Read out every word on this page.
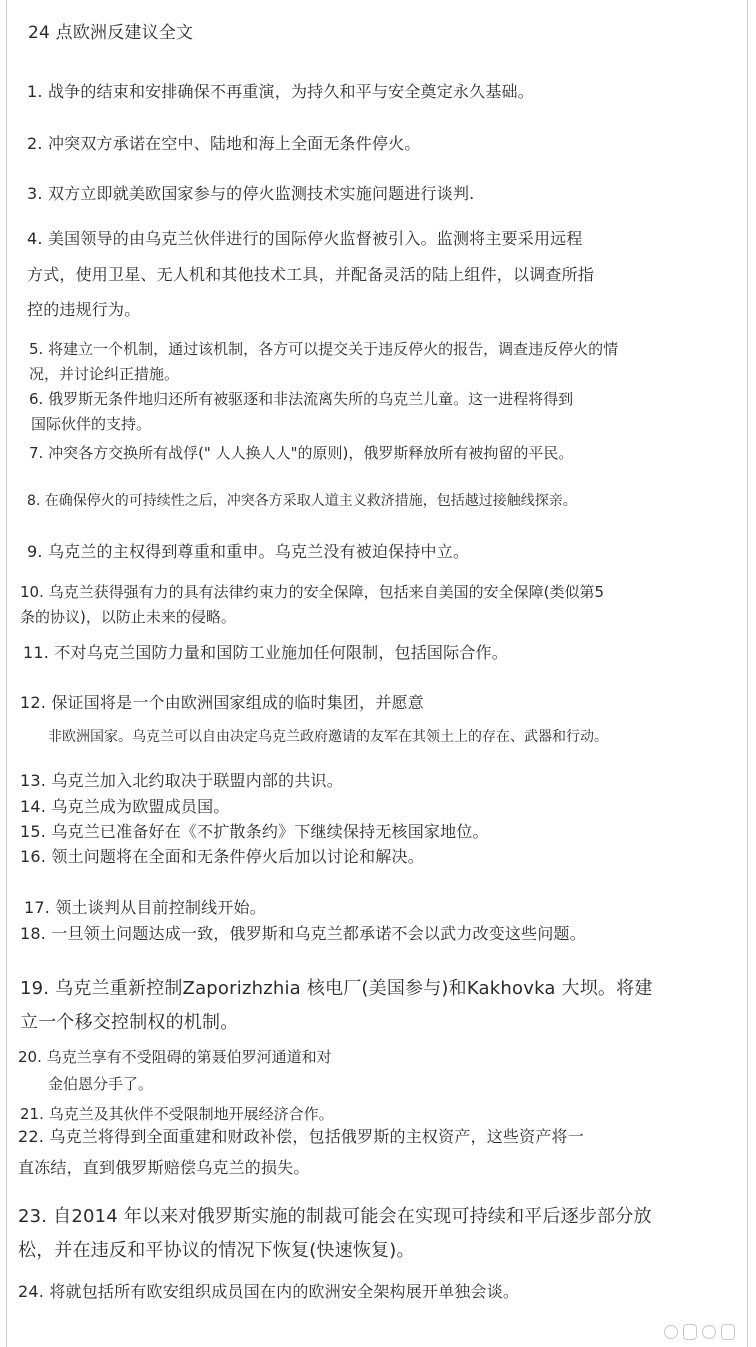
24 点欧洲反建议全文
1. 战争的结束和安排确保不再重演，为持久和平与安全奠定永久基础。
2. 冲突双方承诺在空中、陆地和海上全面无条件停火。
3. 双方立即就美欧国家参与的停火监测技术实施问题进行谈判.
4. 美国领导的由乌克兰伙伴进行的国际停火监督被引入。监测将主要采用远程
方式，使用卫星、无人机和其他技术工具，并配备灵活的陆上组件，以调查所指
控的违规行为。
5. 将建立一个机制，通过该机制，各方可以提交关于违反停火的报告，调查违反停火的情
况，并讨论纠正措施。
6. 俄罗斯无条件地归还所有被驱逐和非法流离失所的乌克兰儿童。这一进程将得到
国际伙伴的支持。
7. 冲突各方交换所有战俘(" 人人换人人"的原则)，俄罗斯释放所有被拘留的平民。
8. 在确保停火的可持续性之后，冲突各方采取人道主义救济措施，包括越过接触线探亲。
9. 乌克兰的主权得到尊重和重申。乌克兰没有被迫保持中立。
10. 乌克兰获得强有力的具有法律约束力的安全保障，包括来自美国的安全保障(类似第5
条的协议)，以防止未来的侵略。
11. 不对乌克兰国防力量和国防工业施加任何限制，包括国际合作。
12. 保证国将是一个由欧洲国家组成的临时集团，并愿意
非欧洲国家。乌克兰可以自由决定乌克兰政府邀请的友军在其领土上的存在、武器和行动。
13. 乌克兰加入北约取决于联盟内部的共识。
14. 乌克兰成为欧盟成员国。
15. 乌克兰已准备好在《不扩散条约》下继续保持无核国家地位。
16. 领土问题将在全面和无条件停火后加以讨论和解决。
17. 领土谈判从目前控制线开始。
18. 一旦领土问题达成一致，俄罗斯和乌克兰都承诺不会以武力改变这些问题。
19. 乌克兰重新控制Zaporizhzhia 核电厂(美国参与)和Kakhovka 大坝。将建
立一个移交控制权的机制。
20. 乌克兰享有不受阻碍的第聂伯罗河通道和对
金伯恩分手了。
21. 乌克兰及其伙伴不受限制地开展经济合作。
22. 乌克兰将得到全面重建和财政补偿，包括俄罗斯的主权资产，这些资产将一
直冻结，直到俄罗斯赔偿乌克兰的损失。
23. 自2014 年以来对俄罗斯实施的制裁可能会在实现可持续和平后逐步部分放
松，并在违反和平协议的情况下恢复(快速恢复)。
24. 将就包括所有欧安组织成员国在内的欧洲安全架构展开单独会谈。
